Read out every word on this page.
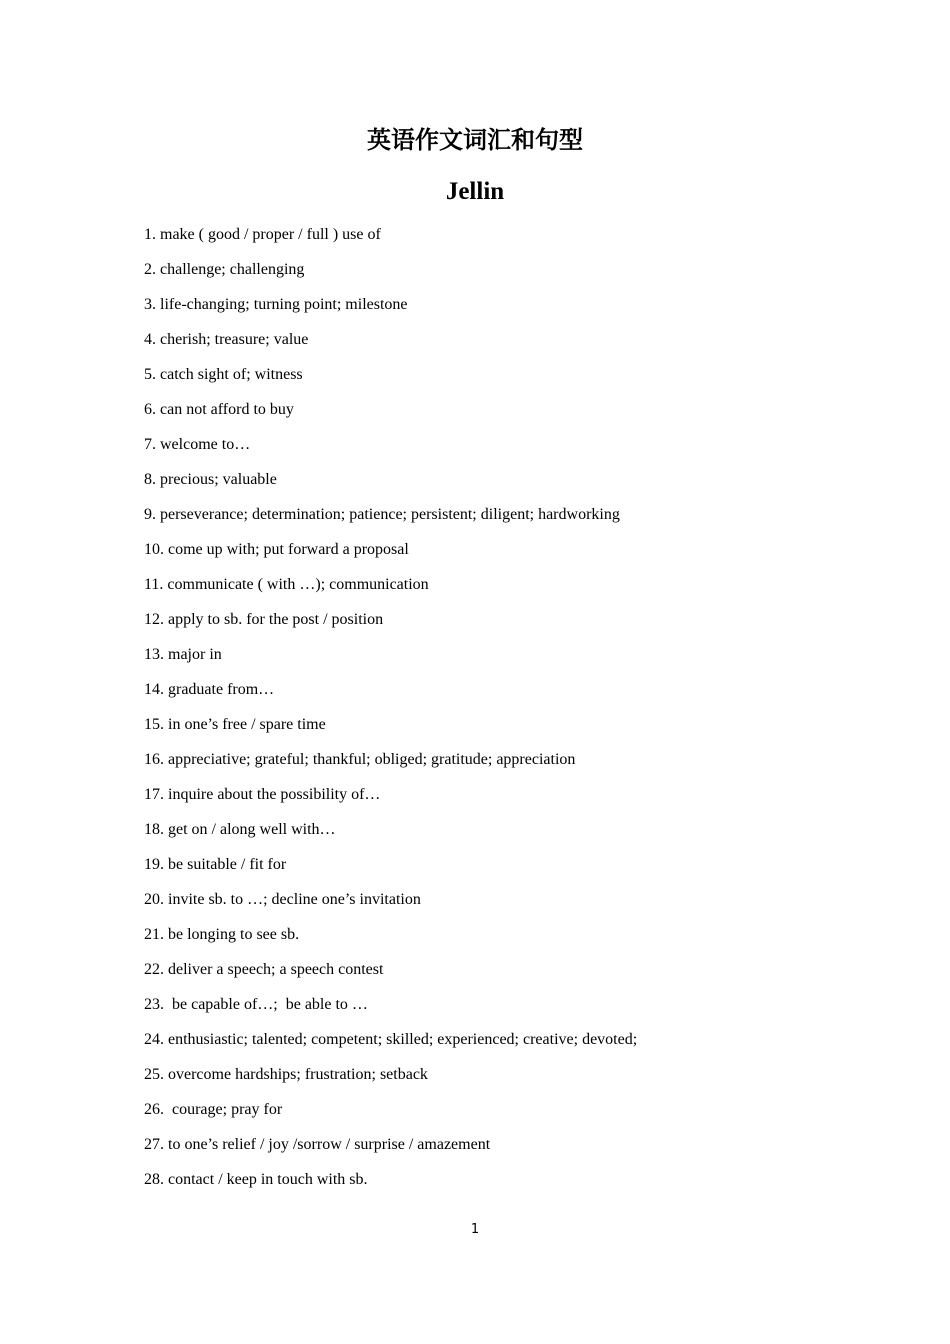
英语作文词汇和句型
Jellin
1. make ( good / proper / full ) use of
2. challenge; challenging
3. life-changing; turning point; milestone
4. cherish; treasure; value
5. catch sight of; witness
6. can not afford to buy
7. welcome to…
8. precious; valuable
9. perseverance; determination; patience; persistent; diligent; hardworking
10. come up with; put forward a proposal
11. communicate ( with …); communication
12. apply to sb. for the post / position
13. major in
14. graduate from…
15. in one’s free / spare time
16. appreciative; grateful; thankful; obliged; gratitude; appreciation
17. inquire about the possibility of…
18. get on / along well with…
19. be suitable / fit for
20. invite sb. to …; decline one’s invitation
21. be longing to see sb.
22. deliver a speech; a speech contest
23.  be capable of…;  be able to …
24. enthusiastic; talented; competent; skilled; experienced; creative; devoted;
25. overcome hardships; frustration; setback
26.  courage; pray for
27. to one’s relief / joy /sorrow / surprise / amazement
28. contact / keep in touch with sb.
1
